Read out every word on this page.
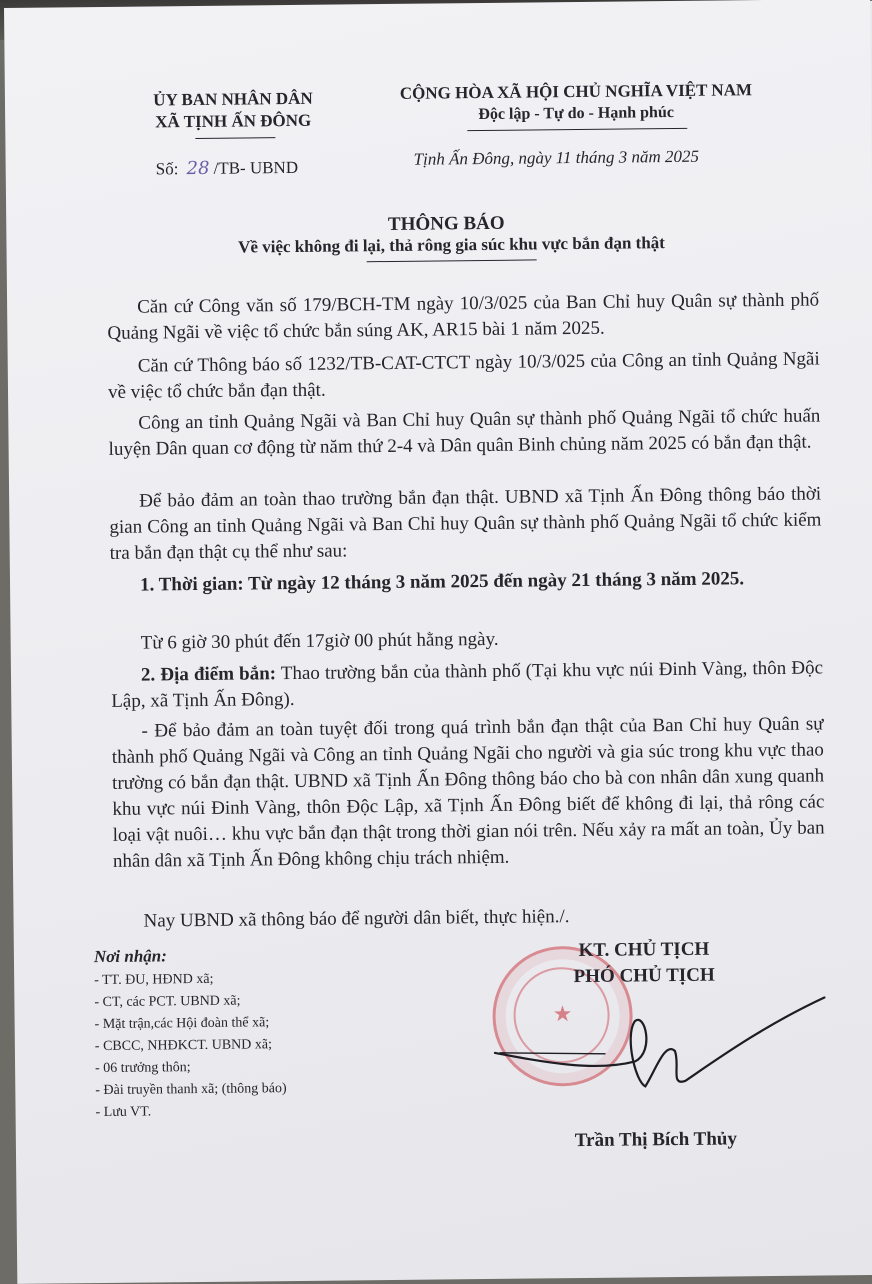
ỦY BAN NHÂN DÂN
XÃ TỊNH ẤN ĐÔNG
CỘNG HÒA XÃ HỘI CHỦ NGHĨA VIỆT NAM
Độc lập - Tự do - Hạnh phúc
Số: 28 /TB- UBND	Tịnh Ấn Đông, ngày 11 tháng 3 năm 2025
THÔNG BÁO
Về việc không đi lại, thả rông gia súc khu vực bắn đạn thật
Căn cứ Công văn số 179/BCH-TM ngày 10/3/025 của Ban Chỉ huy Quân sự thành phố Quảng Ngãi về việc tổ chức bắn súng AK, AR15 bài 1 năm 2025.
Căn cứ Thông báo số 1232/TB-CAT-CTCT ngày 10/3/025 của Công an tỉnh Quảng Ngãi về việc tổ chức bắn đạn thật.
Công an tỉnh Quảng Ngãi và Ban Chỉ huy Quân sự thành phố Quảng Ngãi tổ chức huấn luyện Dân quan cơ động từ năm thứ 2-4 và Dân quân Binh chủng năm 2025 có bắn đạn thật.
Để bảo đảm an toàn thao trường bắn đạn thật. UBND xã Tịnh Ấn Đông thông báo thời gian Công an tỉnh Quảng Ngãi và Ban Chỉ huy Quân sự thành phố Quảng Ngãi tổ chức kiểm tra bắn đạn thật cụ thể như sau:
1. Thời gian: Từ ngày 12 tháng 3 năm 2025 đến ngày 21 tháng 3 năm 2025.
Từ 6 giờ 30 phút đến 17giờ 00 phút hằng ngày.
2. Địa điểm bắn: Thao trường bắn của thành phố (Tại khu vực núi Đinh Vàng, thôn Độc Lập, xã Tịnh Ấn Đông).
- Để bảo đảm an toàn tuyệt đối trong quá trình bắn đạn thật của Ban Chỉ huy Quân sự thành phố Quảng Ngãi và Công an tỉnh Quảng Ngãi cho người và gia súc trong khu vực thao trường có bắn đạn thật. UBND xã Tịnh Ấn Đông thông báo cho bà con nhân dân xung quanh khu vực núi Đinh Vàng, thôn Độc Lập, xã Tịnh Ấn Đông biết để không đi lại, thả rông các loại vật nuôi… khu vực bắn đạn thật trong thời gian nói trên. Nếu xảy ra mất an toàn, Ủy ban nhân dân xã Tịnh Ấn Đông không chịu trách nhiệm.
Nay UBND xã thông báo để người dân biết, thực hiện./.
Nơi nhận:
- TT. ĐU, HĐND xã;
- CT, các PCT. UBND xã;
- Mặt trận,các Hội đoàn thể xã;
- CBCC, NHĐKCT. UBND xã;
- 06 trưởng thôn;
- Đài truyền thanh xã; (thông báo)
- Lưu VT.
★
KT. CHỦ TỊCH
PHÓ CHỦ TỊCH
Trần Thị Bích Thủy
